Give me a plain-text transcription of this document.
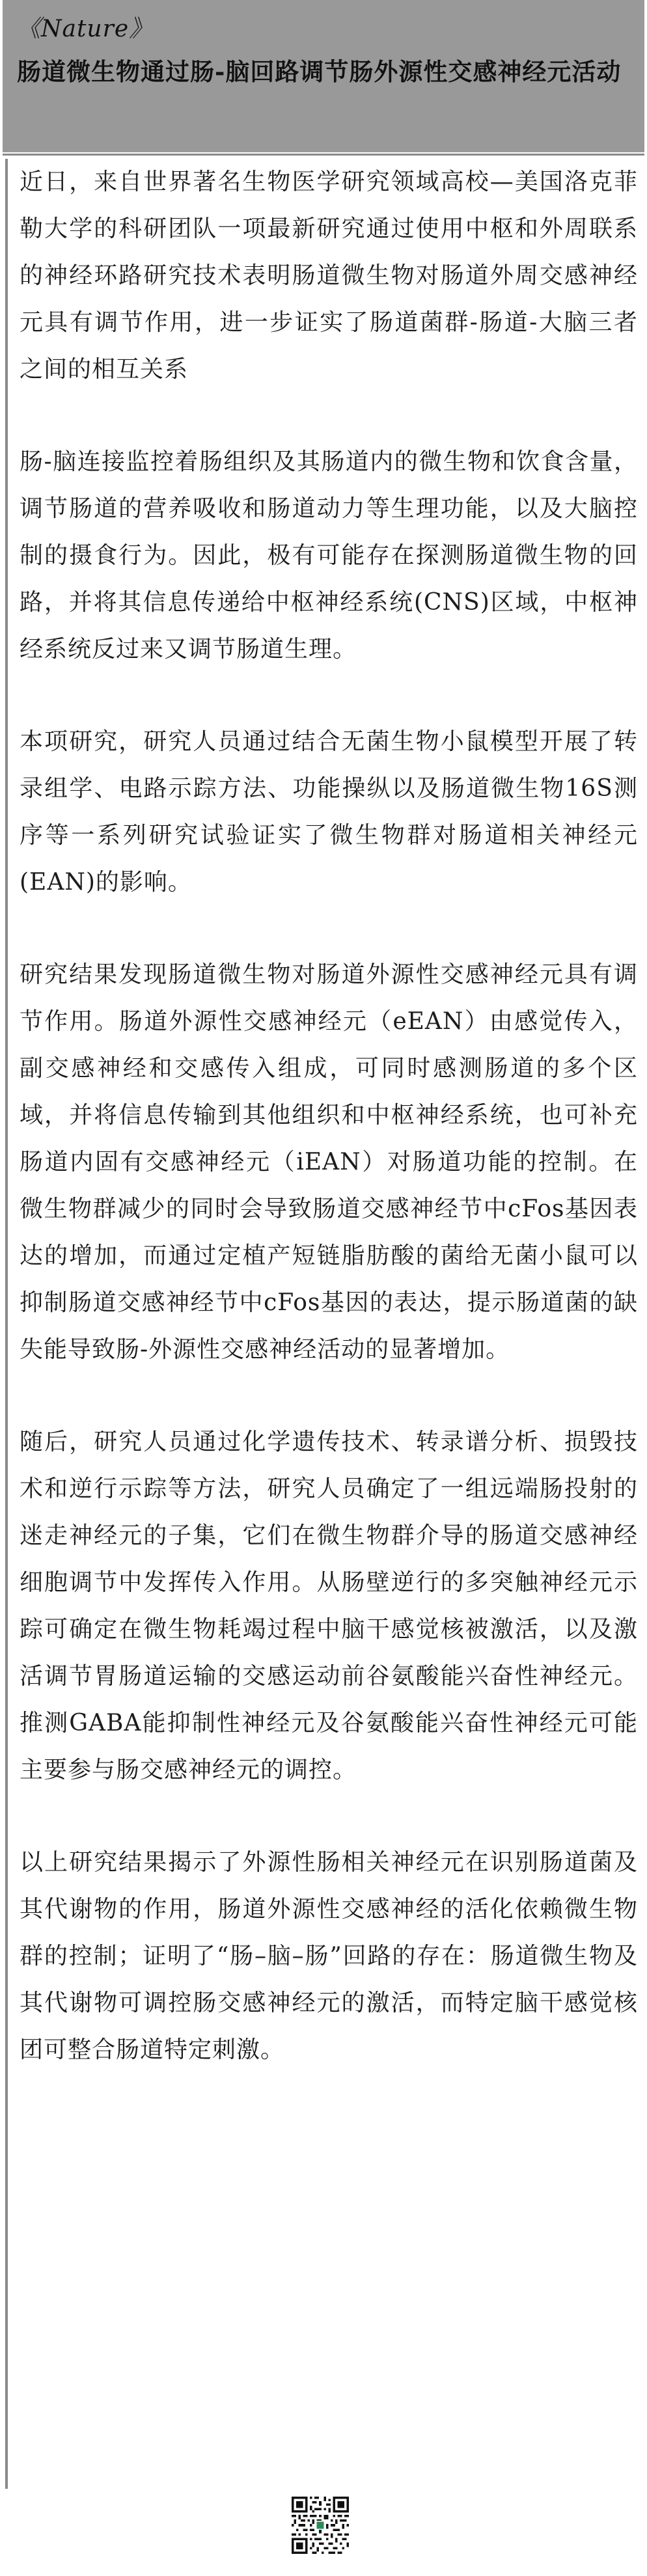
《Nature》
肠道微生物通过肠-脑回路调节肠外源性交感神经元活动

近日，来自世界著名生物医学研究领域高校—美国洛克菲勒大学的科研团队一项最新研究通过使用中枢和外周联系的神经环路研究技术表明肠道微生物对肠道外周交感神经元具有调节作用，进一步证实了肠道菌群-肠道-大脑三者之间的相互关系

肠-脑连接监控着肠组织及其肠道内的微生物和饮食含量，调节肠道的营养吸收和肠道动力等生理功能，以及大脑控制的摄食行为。因此，极有可能存在探测肠道微生物的回路，并将其信息传递给中枢神经系统(CNS)区域，中枢神经系统反过来又调节肠道生理。

本项研究，研究人员通过结合无菌生物小鼠模型开展了转录组学、电路示踪方法、功能操纵以及肠道微生物16S测序等一系列研究试验证实了微生物群对肠道相关神经元(EAN)的影响。

研究结果发现肠道微生物对肠道外源性交感神经元具有调节作用。肠道外源性交感神经元（eEAN）由感觉传入，副交感神经和交感传入组成，可同时感测肠道的多个区域，并将信息传输到其他组织和中枢神经系统，也可补充肠道内固有交感神经元（iEAN）对肠道功能的控制。在微生物群减少的同时会导致肠道交感神经节中cFos基因表达的增加，而通过定植产短链脂肪酸的菌给无菌小鼠可以抑制肠道交感神经节中cFos基因的表达，提示肠道菌的缺失能导致肠-外源性交感神经活动的显著增加。

随后，研究人员通过化学遗传技术、转录谱分析、损毁技术和逆行示踪等方法，研究人员确定了一组远端肠投射的迷走神经元的子集，它们在微生物群介导的肠道交感神经细胞调节中发挥传入作用。从肠壁逆行的多突触神经元示踪可确定在微生物耗竭过程中脑干感觉核被激活，以及激活调节胃肠道运输的交感运动前谷氨酸能兴奋性神经元。推测GABA能抑制性神经元及谷氨酸能兴奋性神经元可能主要参与肠交感神经元的调控。

以上研究结果揭示了外源性肠相关神经元在识别肠道菌及其代谢物的作用，肠道外源性交感神经的活化依赖微生物群的控制；证明了“肠–脑–肠”回路的存在：肠道微生物及其代谢物可调控肠交感神经元的激活，而特定脑干感觉核团可整合肠道特定刺激。
